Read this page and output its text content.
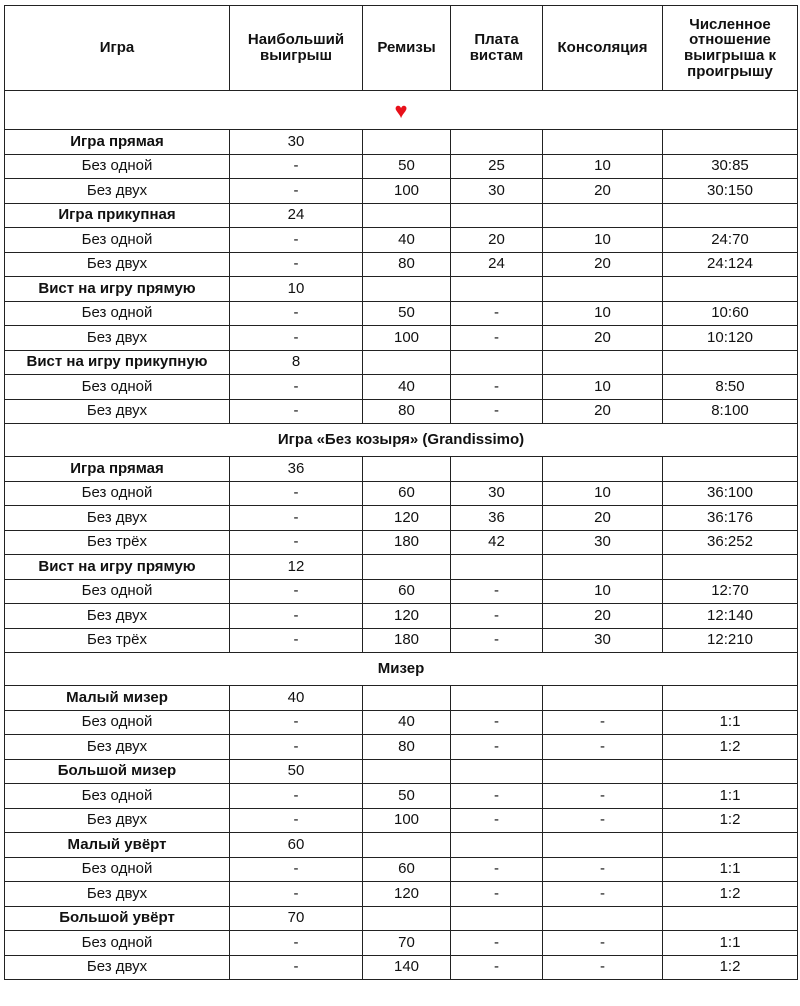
Игра	Наибольший выигрыш	Ремизы	Плата вистам	Консоляция	Численное отношение выигрыша к проигрышу
♥					
Игра прямая	30				
Без одной	-	50	25	10	30:85
Без двух	-	100	30	20	30:150
Игра прикупная	24				
Без одной	-	40	20	10	24:70
Без двух	-	80	24	20	24:124
Вист на игру прямую	10				
Без одной	-	50	-	10	10:60
Без двух	-	100	-	20	10:120
Вист на игру прикупную	8				
Без одной	-	40	-	10	8:50
Без двух	-	80	-	20	8:100
Игра «Без козыря» (Grandissimo)					
Игра прямая	36				
Без одной	-	60	30	10	36:100
Без двух	-	120	36	20	36:176
Без трёх	-	180	42	30	36:252
Вист на игру прямую	12				
Без одной	-	60	-	10	12:70
Без двух	-	120	-	20	12:140
Без трёх	-	180	-	30	12:210
Мизер					
Малый мизер	40				
Без одной	-	40	-	-	1:1
Без двух	-	80	-	-	1:2
Большой мизер	50				
Без одной	-	50	-	-	1:1
Без двух	-	100	-	-	1:2
Малый увёрт	60				
Без одной	-	60	-	-	1:1
Без двух	-	120	-	-	1:2
Большой увёрт	70				
Без одной	-	70	-	-	1:1
Без двух	-	140	-	-	1:2
